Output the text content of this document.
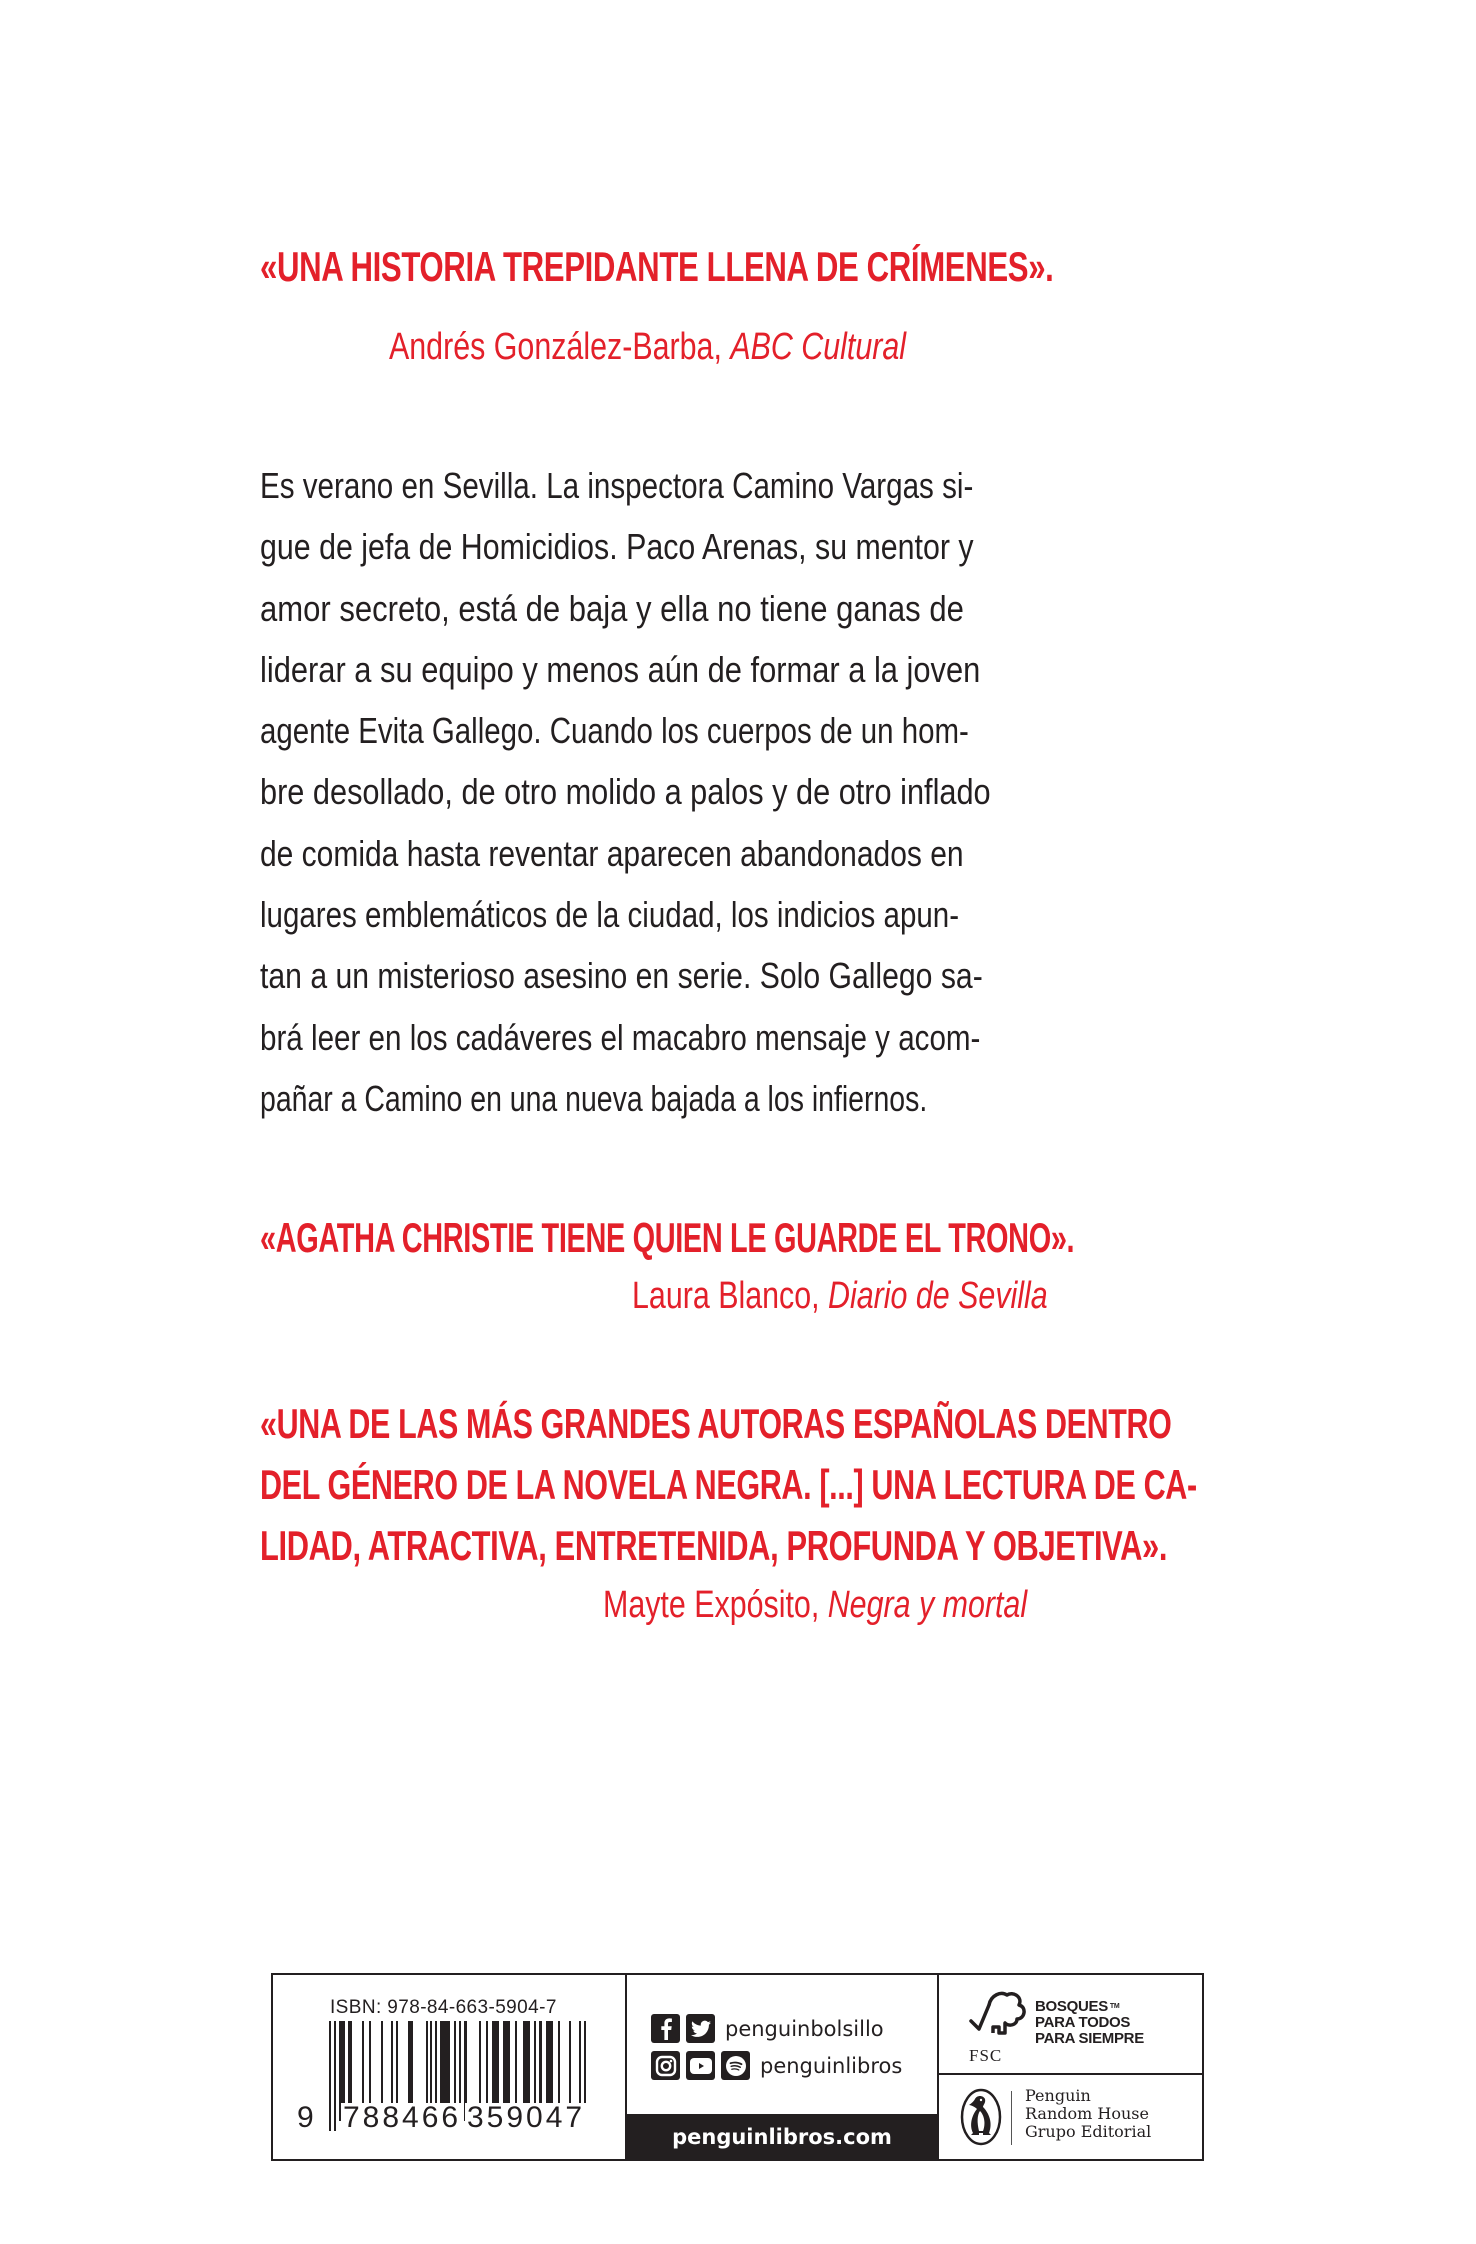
«UNA HISTORIA TREPIDANTE LLENA DE CRÍMENES».
Andrés González-Barba, ABC Cultural
Es verano en Sevilla. La inspectora Camino Vargas si-
gue de jefa de Homicidios. Paco Arenas, su mentor y
amor secreto, está de baja y ella no tiene ganas de
liderar a su equipo y menos aún de formar a la joven
agente Evita Gallego. Cuando los cuerpos de un hom-
bre desollado, de otro molido a palos y de otro inflado
de comida hasta reventar aparecen abandonados en
lugares emblemáticos de la ciudad, los indicios apun-
tan a un misterioso asesino en serie. Solo Gallego sa-
brá leer en los cadáveres el macabro mensaje y acom-
pañar a Camino en una nueva bajada a los infiernos.
«AGATHA CHRISTIE TIENE QUIEN LE GUARDE EL TRONO».
Laura Blanco, Diario de Sevilla
«UNA DE LAS MÁS GRANDES AUTORAS ESPAÑOLAS DENTRO
DEL GÉNERO DE LA NOVELA NEGRA. [...] UNA LECTURA DE CA-
LIDAD, ATRACTIVA, ENTRETENIDA, PROFUNDA Y OBJETIVA».
Mayte Expósito, Negra y mortal
ISBN: 978-84-663-5904-7
9 788466 359047
penguinbolsillo
penguinlibros
penguinlibros.com
FSC
BOSQUES ™
PARA TODOS
PARA SIEMPRE
Penguin
Random House
Grupo Editorial
